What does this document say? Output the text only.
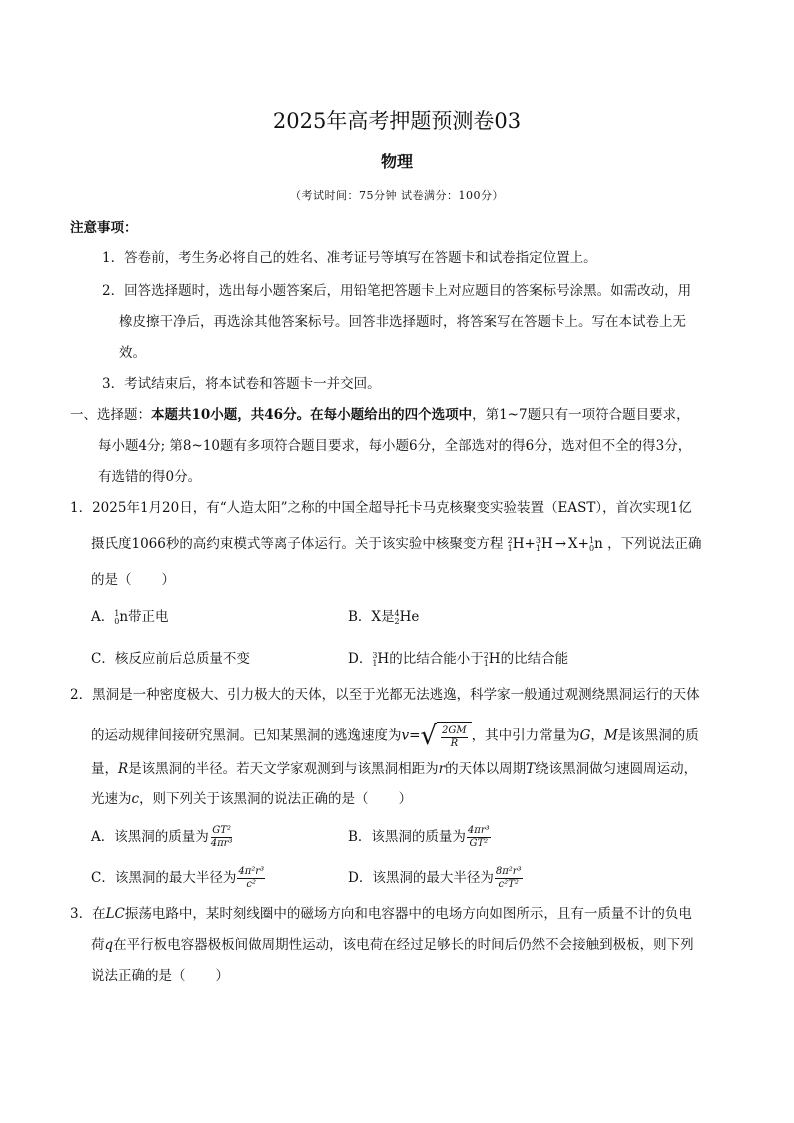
2025年高考押题预测卷03
物理
（考试时间：75分钟 试卷满分：100分）
注意事项：
1．答卷前，考生务必将自己的姓名、准考证号等填写在答题卡和试卷指定位置上。
2．回答选择题时，选出每小题答案后，用铅笔把答题卡上对应题目的答案标号涂黑。如需改动，用
橡皮擦干净后，再选涂其他答案标号。回答非选择题时，将答案写在答题卡上。写在本试卷上无
效。
3．考试结束后，将本试卷和答题卡一并交回。
一、选择题：本题共10小题，共46分。在每小题给出的四个选项中，第1~7题只有一项符合题目要求，
每小题4分; 第8~10题有多项符合题目要求，每小题6分，全部选对的得6分，选对但不全的得3分，
有选错的得0分。
1．2025年1月20日，有“人造太阳”之称的中国全超导托卡马克核聚变实验装置（EAST），首次实现1亿
摄氏度1066秒的高约束模式等离子体运行。关于该实验中核聚变方程 2
1 H+ 3
1 H → X+ 1
0 n ，下列说法正确
的是（ ）
A． 1
0 n带正电	B．X是 4
2 He
C．核反应前后总质量不变	D． 3
1 H的比结合能小于 2
1 H的比结合能
2．黑洞是一种密度极大、引力极大的天体，以至于光都无法逃逸，科学家一般通过观测绕黑洞运行的天体
的运动规律间接研究黑洞。已知某黑洞的逃逸速度为v= √ $\frac{2GM}{R}$ ，其中引力常量为G，M是该黑洞的质
量，R是该黑洞的半径。若天文学家观测到与该黑洞相距为r的天体以周期T绕该黑洞做匀速圆周运动，
光速为c，则下列关于该黑洞的说法正确的是（ ）
A．该黑洞的质量为 $\frac{\text{GT²}}{\text{4πr³}}$	B．该黑洞的质量为 $\frac{\text{4πr³}}{\text{GT²}}$
C．该黑洞的最大半径为 $\frac{\text{4π²r³}}{\text{c²}}$	D．该黑洞的最大半径为 $\frac{\text{8π²r³}}{\text{c²T²}}$
3．在LC振荡电路中，某时刻线圈中的磁场方向和电容器中的电场方向如图所示，且有一质量不计的负电
荷q在平行板电容器极板间做周期性运动，该电荷在经过足够长的时间后仍然不会接触到极板，则下列
说法正确的是（ ）
